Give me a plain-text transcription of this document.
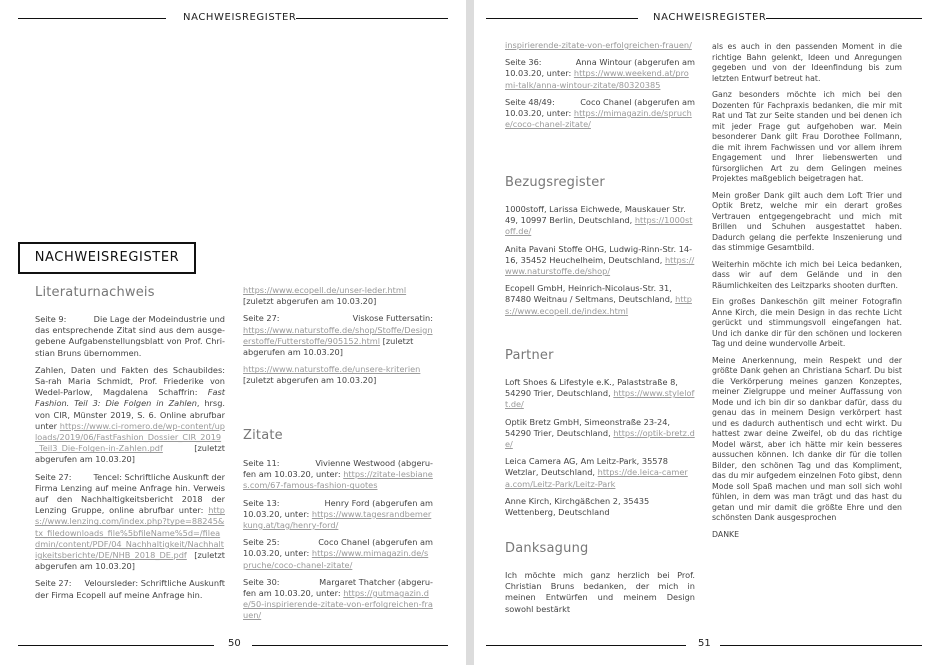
NACHWEISREGISTER
NACHWEISREGISTER
Literaturnachweis
Seite 9:	Die Lage der Modeindustrie und
das entsprechende Zitat sind aus dem ausge-gebene Aufgabenstellungsblatt von Prof. Chri-stian Bruns übernommen.
Zahlen, Daten und Fakten des Schaubildes: Sa-rah Maria Schmidt, Prof. Friederike von Wedel-Parlow, Magdalena Schaffrin: Fast Fashion. Teil 3: Die Folgen in Zahlen, hrsg. von CIR, Münster 2019, S. 6. Online abrufbar unter https://www.ci-romero.de/wp-content/uploads/2019/06/FastFashion_Dossier_CIR_2019_Teil3_Die-Folgen-in-Zahlen.pdf	[zuletzt abgerufen am 10.03.20]
Seite 27:	Tencel: Schriftliche Auskunft der
Firma Lenzing auf meine Anfrage hin. Verweis auf den Nachhaltigkeitsbericht 2018 der Lenzing Gruppe, online abrufbar unter: https://www.lenzing.com/index.php?type=88245&tx_filedownloads_file%5bfileName%5d=/fileadmin/content/PDF/04_Nachhaltigkeit/Nachhaltigkeitsberichte/DE/NHB_2018_DE.pdf [zuletzt abgerufen am 10.03.20]
Seite 27: Veloursleder: Schriftliche Auskunft
der Firma Ecopell auf meine Anfrage hin.
https://www.ecopell.de/unser-leder.html [zuletzt abgerufen am 10.03.20]
Seite 27:	Viskose Futtersatin:
https://www.naturstoffe.de/shop/Stoffe/Designerstoffe/Futterstoffe/905152.html [zuletzt abgerufen am 10.03.20]
https://www.naturstoffe.de/unsere-kriterien [zuletzt abgerufen am 10.03.20]
Zitate
Seite 11:	Vivienne Westwood (abgeru-
fen am 10.03.20, unter: https://zitate-lesbianes.com/67-famous-fashion-quotes
Seite 13:	Henry Ford (abgerufen am
10.03.20, unter: https://www.tagesrandbemerkung.at/tag/henry-ford/
Seite 25:	Coco Chanel (abgerufen am
10.03.20, unter: https://www.mimagazin.de/spruche/coco-chanel-zitate/
Seite 30:	Margaret Thatcher (abgeru-
fen am 10.03.20, unter: https://gutmagazin.de/50-inspirierende-zitate-von-erfolgreichen-frauen/
50
NACHWEISREGISTER
inspirierende-zitate-von-erfolgreichen-frauen/
Seite 36:	Anna Wintour (abgerufen am
10.03.20, unter: https://www.weekend.at/promi-talk/anna-wintour-zitate/80320385
Seite 48/49:	Coco Chanel (abgerufen am
10.03.20, unter: https://mimagazin.de/spruche/coco-chanel-zitate/
Bezugsregister
1000stoff, Larissa Eichwede, Mauskauer Str. 49, 10997 Berlin, Deutschland, https://1000stoff.de/
Anita Pavani Stoffe OHG, Ludwig-Rinn-Str. 14-16, 35452 Heuchelheim, Deutschland, https://www.naturstoffe.de/shop/
Ecopell GmbH, Heinrich-Nicolaus-Str. 31, 87480 Weitnau / Seltmans, Deutschland, https://www.ecopell.de/index.html
Partner
Loft Shoes & Lifestyle e.K., Palaststraße 8, 54290 Trier, Deutschland, https://www.styleloft.de/
Optik Bretz GmbH, Simeonstraße 23-24, 54290 Trier, Deutschland, https://optik-bretz.de/
Leica Camera AG, Am Leitz-Park, 35578 Wetzlar, Deutschland, https://de.leica-camera.com/Leitz-Park/Leitz-Park
Anne Kirch, Kirchgäßchen 2, 35435 Wettenberg, Deutschland
Danksagung
Ich möchte mich ganz herzlich bei Prof. Christian Bruns bedanken, der mich in meinen Entwürfen und meinem Design sowohl bestärkt
als es auch in den passenden Moment in die richtige Bahn gelenkt, Ideen und Anregungen gegeben und von der Ideenfindung bis zum letzten Entwurf betreut hat.
Ganz besonders möchte ich mich bei den Dozenten für Fachpraxis bedanken, die mir mit Rat und Tat zur Seite standen und bei denen ich mit jeder Frage gut aufgehoben war. Mein besonderer Dank gilt Frau Dorothee Follmann, die mit ihrem Fachwissen und vor allem ihrem Engagement und Ihrer liebenswerten und fürsorglichen Art zu dem Gelingen meines Projektes maßgeblich beigetragen hat.
Mein großer Dank gilt auch dem Loft Trier und Optik Bretz, welche mir ein derart großes Vertrauen entgegengebracht und mich mit Brillen und Schuhen ausgestattet haben. Dadurch gelang die perfekte Inszenierung und das stimmige Gesamtbild.
Weiterhin möchte ich mich bei Leica bedanken, dass wir auf dem Gelände und in den Räumlichkeiten des Leitzparks shooten durften.
Ein großes Dankeschön gilt meiner Fotografin Anne Kirch, die mein Design in das rechte Licht gerückt und stimmungsvoll eingefangen hat. Und ich danke dir für den schönen und lockeren Tag und deine wundervolle Arbeit.
Meine Anerkennung, mein Respekt und der größte Dank gehen an Christiana Scharf. Du bist die Verkörperung meines ganzen Konzeptes, meiner Zielgruppe und meiner Auffassung von Mode und ich bin dir so dankbar dafür, dass du genau das in meinem Design verkörpert hast und es dadurch authentisch und echt wirkt. Du hattest zwar deine Zweifel, ob du das richtige Model wärst, aber ich hätte mir kein besseres aussuchen können. Ich danke dir für die tollen Bilder, den schönen Tag und das Kompliment, das du mir aufgedem einzelnen Foto gibst, denn Mode soll Spaß machen und man soll sich wohl fühlen, in dem was man trägt und das hast du getan und mir damit die größte Ehre und den schönsten Dank ausgesprochen
DANKE
51
